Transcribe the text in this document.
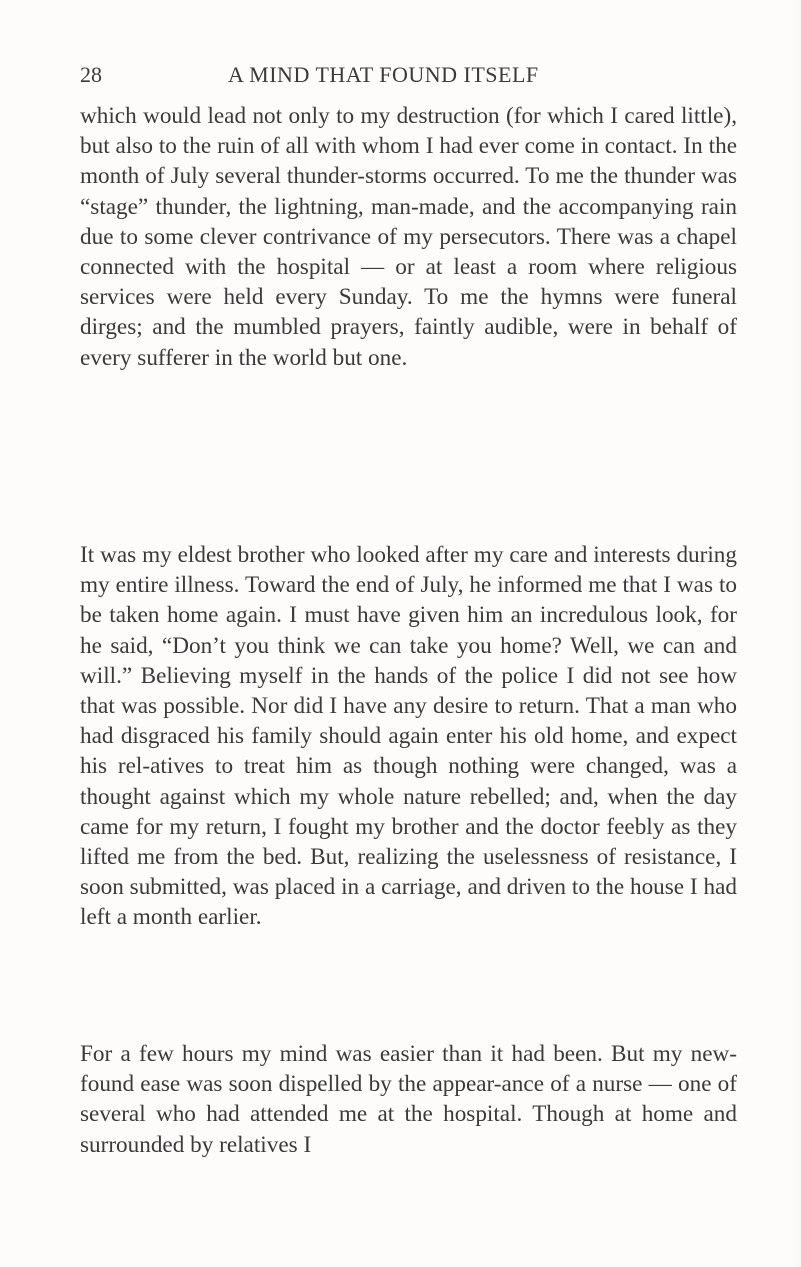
28	A MIND THAT FOUND ITSELF

which would lead not only to my destruction (for which I cared little), but also to the ruin of all with whom I had ever come in contact. In the month of July several thunder-storms occurred. To me the thunder was “stage” thunder, the lightning, man-made, and the accompanying rain due to some clever contrivance of my persecutors. There was a chapel connected with the hospital — or at least a room where religious services were held every Sunday. To me the hymns were funeral dirges; and the mumbled prayers, faintly audible, were in behalf of every sufferer in the world but one.

It was my eldest brother who looked after my care and interests during my entire illness. Toward the end of July, he informed me that I was to be taken home again. I must have given him an incredulous look, for he said, “Don’t you think we can take you home? Well, we can and will.” Believing myself in the hands of the police I did not see how that was possible. Nor did I have any desire to return. That a man who had disgraced his family should again enter his old home, and expect his rel-atives to treat him as though nothing were changed, was a thought against which my whole nature rebelled; and, when the day came for my return, I fought my brother and the doctor feebly as they lifted me from the bed. But, realizing the uselessness of resistance, I soon submitted, was placed in a carriage, and driven to the house I had left a month earlier.

For a few hours my mind was easier than it had been. But my new-found ease was soon dispelled by the appear-ance of a nurse — one of several who had attended me at the hospital. Though at home and surrounded by relatives I
